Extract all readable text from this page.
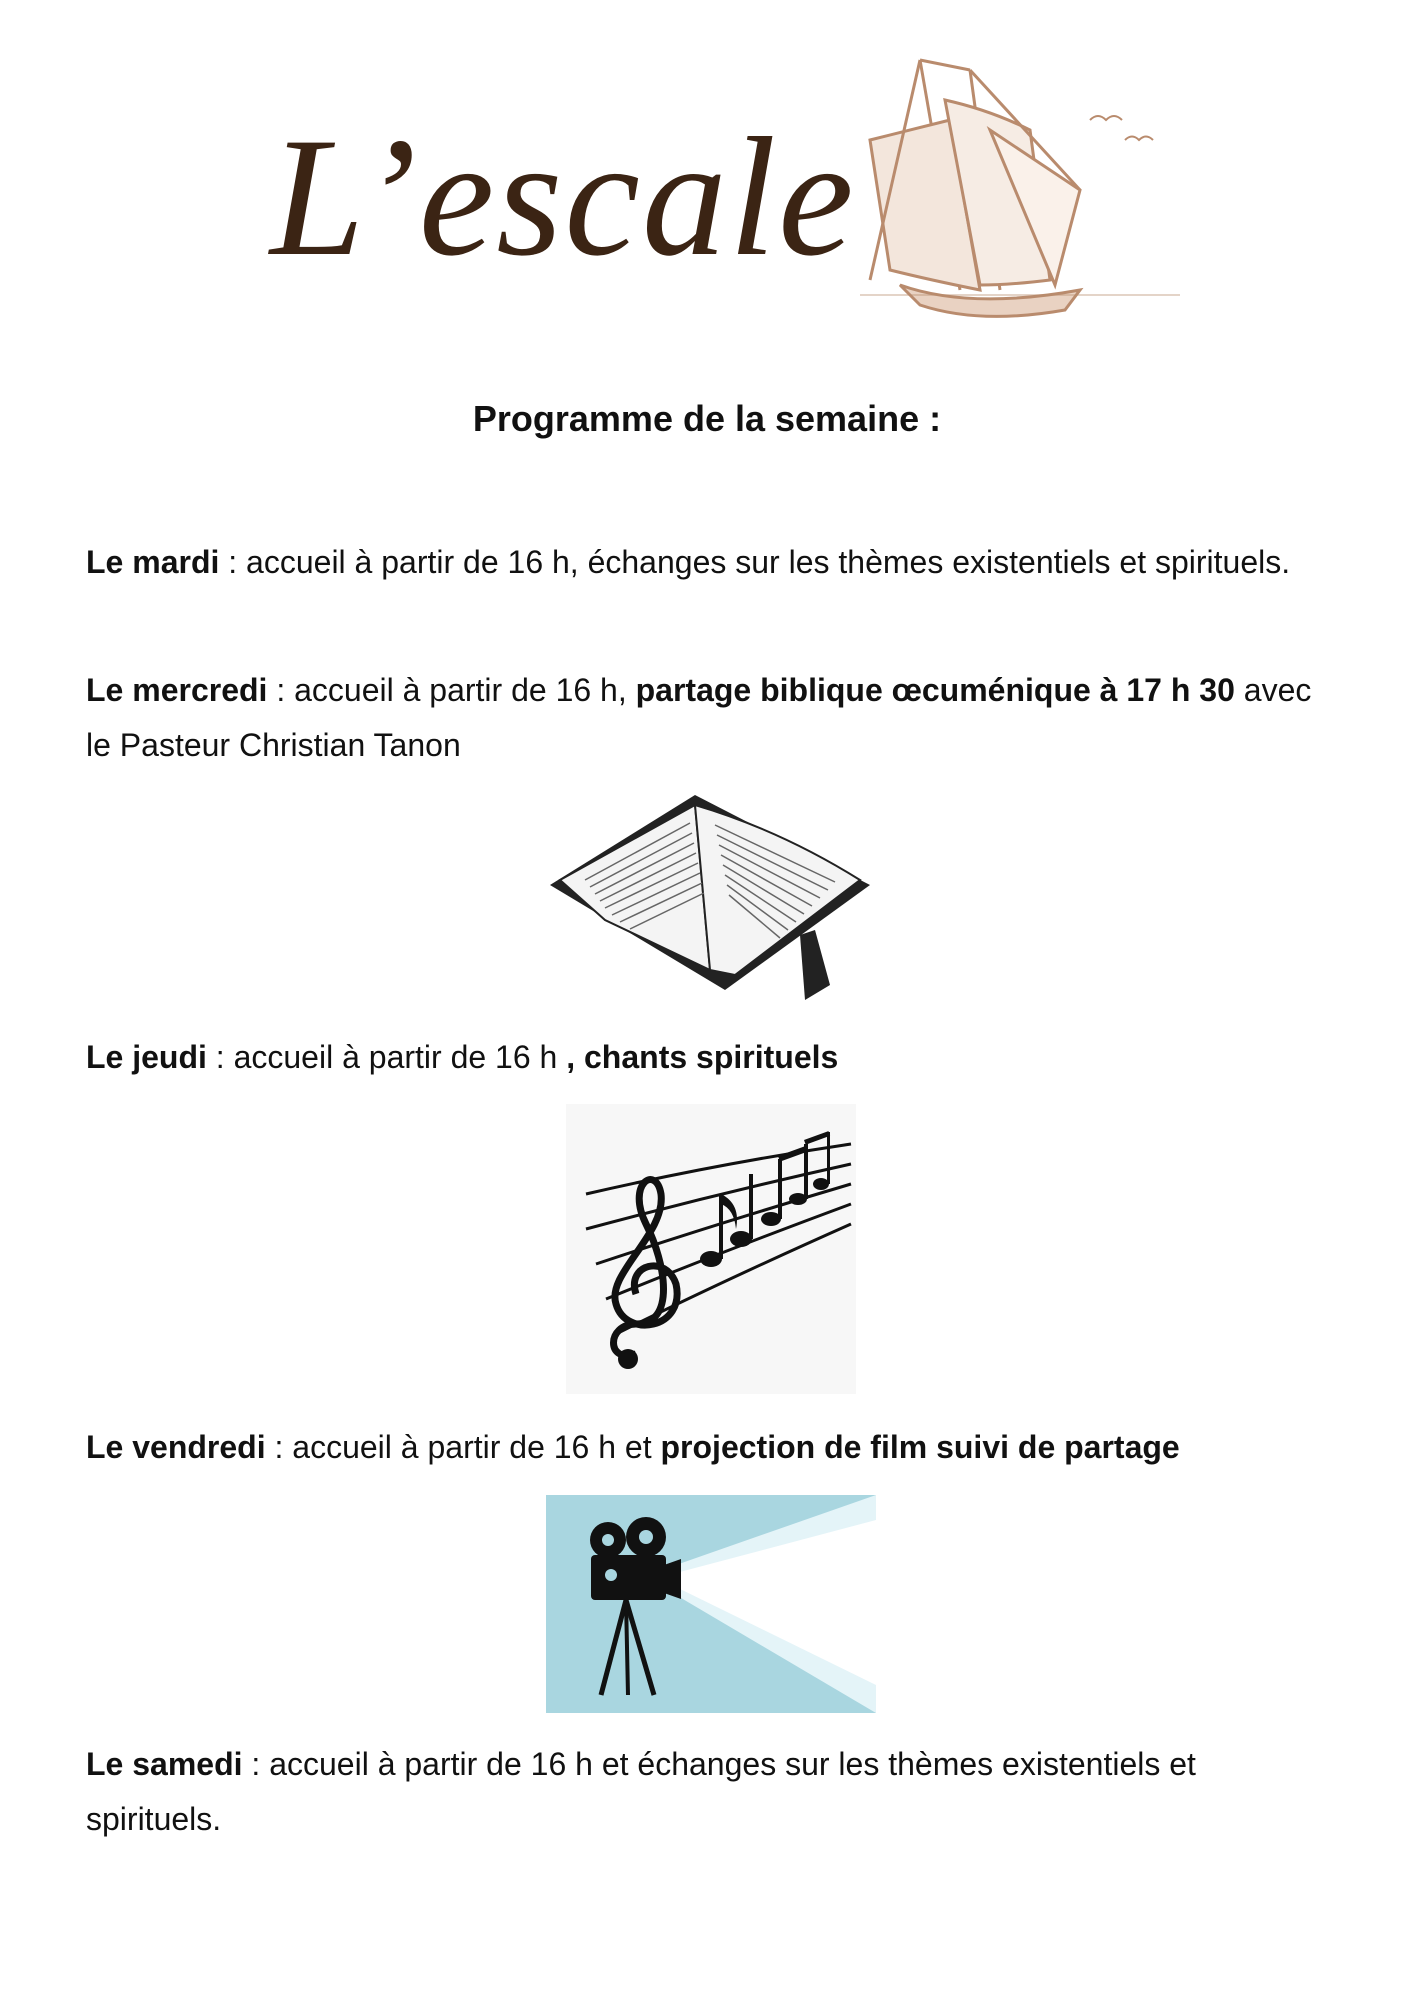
L’escale
Programme de la semaine :
Le mardi : accueil à partir de 16 h, échanges sur les thèmes existentiels et spirituels.
Le mercredi : accueil à partir de 16 h, partage biblique œcuménique à 17 h 30 avec le Pasteur Christian Tanon
Le jeudi : accueil à partir de 16 h , chants spirituels
Le vendredi : accueil à partir de 16 h et projection de film suivi de partage
Le samedi : accueil à partir de 16 h et échanges sur les thèmes existentiels et spirituels.
